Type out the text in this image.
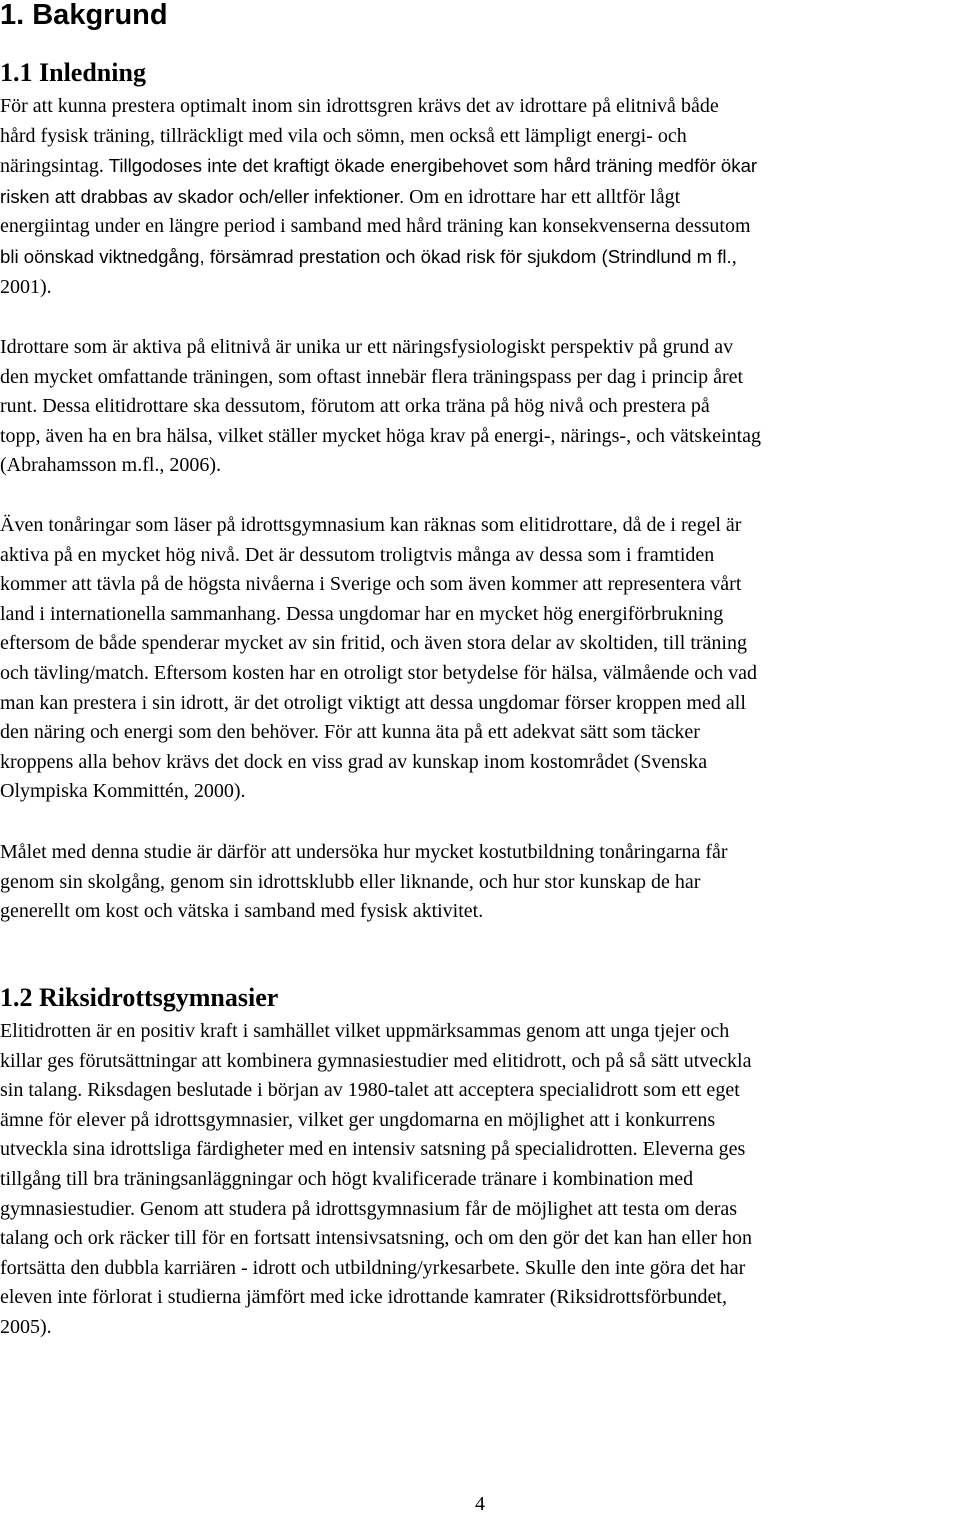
1. Bakgrund
1.1 Inledning

För att kunna prestera optimalt inom sin idrottsgren krävs det av idrottare på elitnivå både
hård fysisk träning, tillräckligt med vila och sömn, men också ett lämpligt energi- och
näringsintag. Tillgodoses inte det kraftigt ökade energibehovet som hård träning medför ökar
risken att drabbas av skador och/eller infektioner. Om en idrottare har ett alltför lågt
energiintag under en längre period i samband med hård träning kan konsekvenserna dessutom
bli oönskad viktnedgång, försämrad prestation och ökad risk för sjukdom (Strindlund m fl.,
2001).

Idrottare som är aktiva på elitnivå är unika ur ett näringsfysiologiskt perspektiv på grund av
den mycket omfattande träningen, som oftast innebär flera träningspass per dag i princip året
runt. Dessa elitidrottare ska dessutom, förutom att orka träna på hög nivå och prestera på
topp, även ha en bra hälsa, vilket ställer mycket höga krav på energi-, närings-, och vätskeintag
(Abrahamsson m.fl., 2006).

Även tonåringar som läser på idrottsgymnasium kan räknas som elitidrottare, då de i regel är
aktiva på en mycket hög nivå. Det är dessutom troligtvis många av dessa som i framtiden
kommer att tävla på de högsta nivåerna i Sverige och som även kommer att representera vårt
land i internationella sammanhang. Dessa ungdomar har en mycket hög energiförbrukning
eftersom de både spenderar mycket av sin fritid, och även stora delar av skoltiden, till träning
och tävling/match. Eftersom kosten har en otroligt stor betydelse för hälsa, välmående och vad
man kan prestera i sin idrott, är det otroligt viktigt att dessa ungdomar förser kroppen med all
den näring och energi som den behöver. För att kunna äta på ett adekvat sätt som täcker
kroppens alla behov krävs det dock en viss grad av kunskap inom kostområdet (Svenska
Olympiska Kommittén, 2000).

Målet med denna studie är därför att undersöka hur mycket kostutbildning tonåringarna får
genom sin skolgång, genom sin idrottsklubb eller liknande, och hur stor kunskap de har
generellt om kost och vätska i samband med fysisk aktivitet.

1.2 Riksidrottsgymnasier

Elitidrotten är en positiv kraft i samhället vilket uppmärksammas genom att unga tjejer och
killar ges förutsättningar att kombinera gymnasiestudier med elitidrott, och på så sätt utveckla
sin talang. Riksdagen beslutade i början av 1980-talet att acceptera specialidrott som ett eget
ämne för elever på idrottsgymnasier, vilket ger ungdomarna en möjlighet att i konkurrens
utveckla sina idrottsliga färdigheter med en intensiv satsning på specialidrotten. Eleverna ges
tillgång till bra träningsanläggningar och högt kvalificerade tränare i kombination med
gymnasiestudier. Genom att studera på idrottsgymnasium får de möjlighet att testa om deras
talang och ork räcker till för en fortsatt intensivsatsning, och om den gör det kan han eller hon
fortsätta den dubbla karriären - idrott och utbildning/yrkesarbete. Skulle den inte göra det har
eleven inte förlorat i studierna jämfört med icke idrottande kamrater (Riksidrottsförbundet,
2005).

4
